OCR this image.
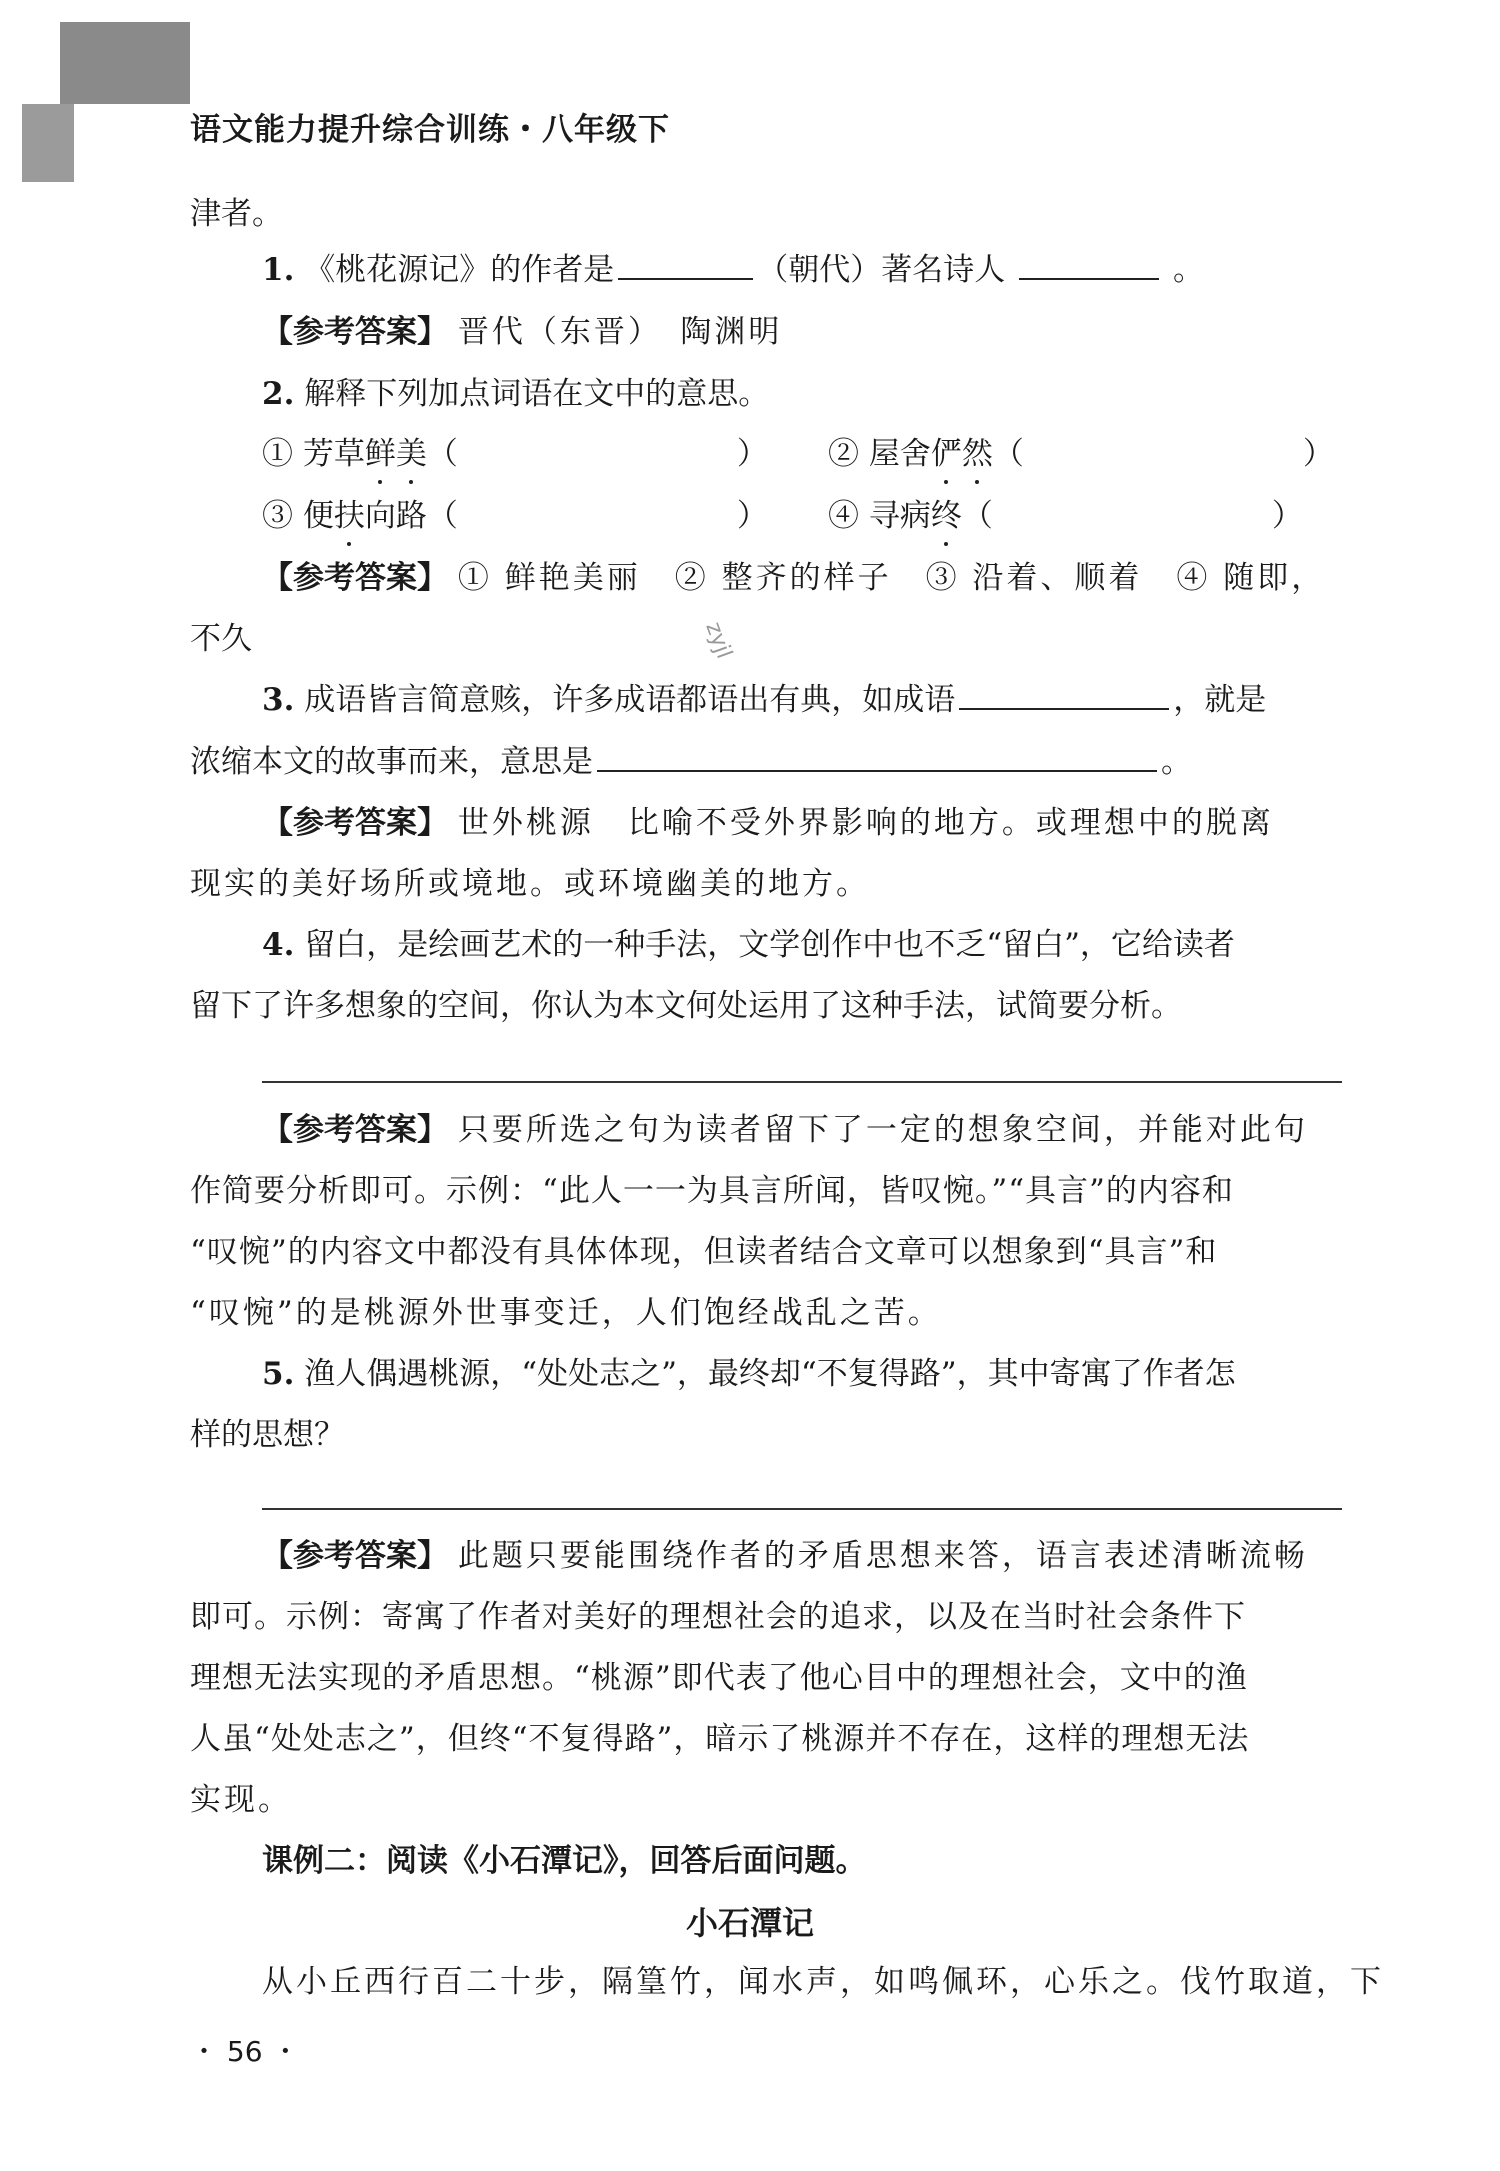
语文能力提升综合训练・八年级下
zyjl
津者。
1. 《桃花源记》的作者是	（朝代）著名诗人	。
【参考答案】 晋代（东晋）　陶渊明
2. 解释下列加点词语在文中的意思。
① 芳草鲜美（　　　　　　　　　） ② 屋舍俨然（　　　　　　　　　）
③ 便扶向路（　　　　　　　　　） ④ 寻病终（　　　　　　　　　）
【参考答案】 ① 鲜艳美丽　② 整齐的样子　③ 沿着、顺着　④ 随即，
不久
3. 成语皆言简意赅，许多成语都语出有典，如成语	，就是
浓缩本文的故事而来，意思是	。
【参考答案】 世外桃源　比喻不受外界影响的地方。或理想中的脱离
现实的美好场所或境地。或环境幽美的地方。
4. 留白，是绘画艺术的一种手法，文学创作中也不乏“留白”，它给读者
留下了许多想象的空间，你认为本文何处运用了这种手法，试简要分析。
【参考答案】 只要所选之句为读者留下了一定的想象空间，并能对此句
作简要分析即可。示例：“此人一一为具言所闻，皆叹惋。”“具言”的内容和
“叹惋”的内容文中都没有具体体现，但读者结合文章可以想象到“具言”和
“叹惋”的是桃源外世事变迁，人们饱经战乱之苦。
5. 渔人偶遇桃源，“处处志之”，最终却“不复得路”，其中寄寓了作者怎
样的思想？
【参考答案】 此题只要能围绕作者的矛盾思想来答，语言表述清晰流畅
即可。示例：寄寓了作者对美好的理想社会的追求，以及在当时社会条件下
理想无法实现的矛盾思想。“桃源”即代表了他心目中的理想社会，文中的渔
人虽“处处志之”，但终“不复得路”，暗示了桃源并不存在，这样的理想无法
实现。
课例二：阅读《小石潭记》，回答后面问题。
小石潭记
从小丘西行百二十步，隔篁竹，闻水声，如鸣佩环，心乐之。伐竹取道，下
・ 56 ・
